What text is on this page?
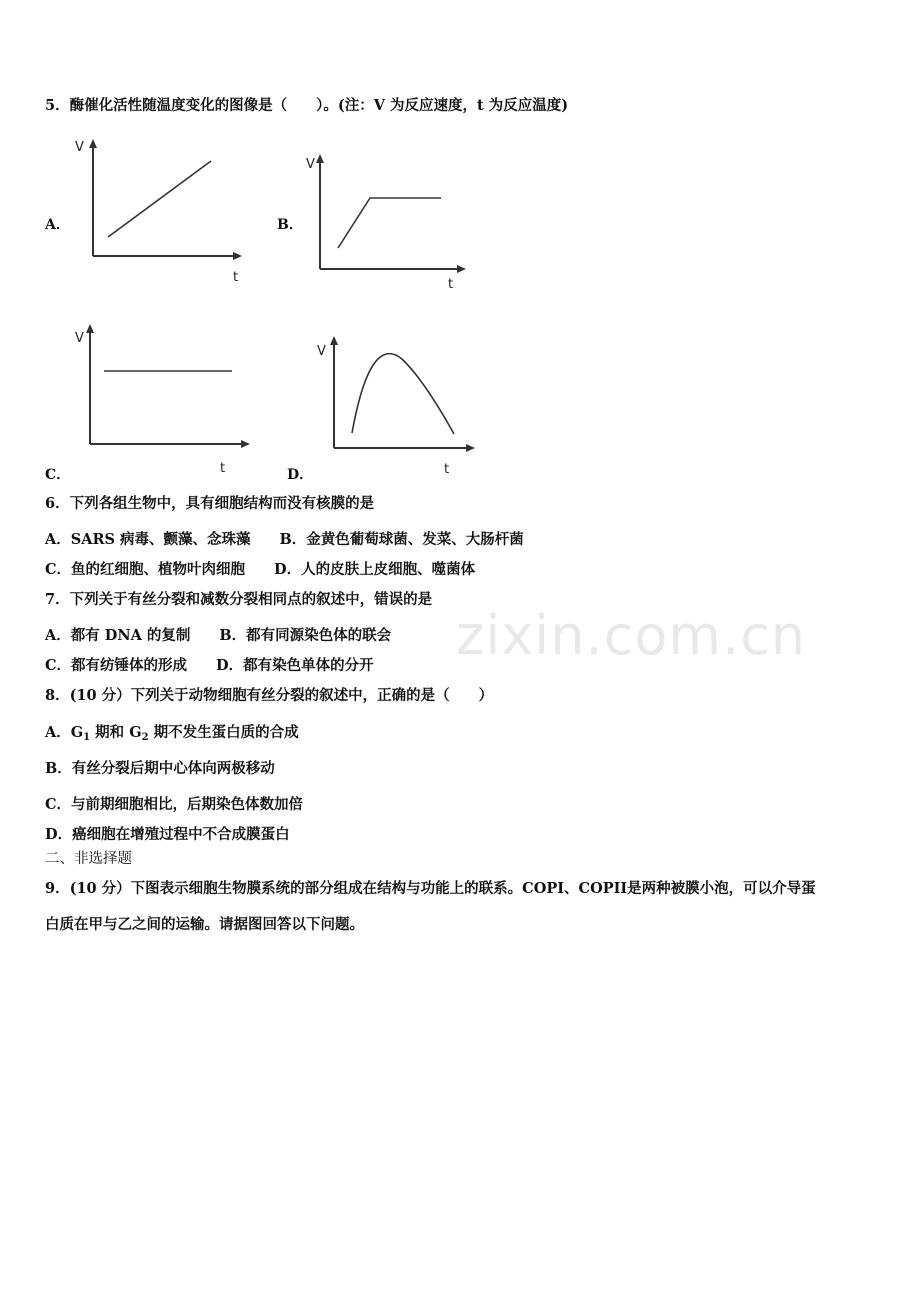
5．酶催化活性随温度变化的图像是（　　）。(注：V 为反应速度，t 为反应温度)
A．
V
t
B．
V
t
C．
V
t	D．
V
t
6．下列各组生物中，具有细胞结构而没有核膜的是
A．SARS 病毒、颤藻、念珠藻　　B．金黄色葡萄球菌、发菜、大肠杆菌
C．鱼的红细胞、植物叶肉细胞　　D．人的皮肤上皮细胞、噬菌体
7．下列关于有丝分裂和减数分裂相同点的叙述中，错误的是
A．都有 DNA 的复制　　B．都有同源染色体的联会
C．都有纺锤体的形成　　D．都有染色单体的分开
8．(10 分）下列关于动物细胞有丝分裂的叙述中，正确的是（　　）
A．$G_1$ 期和 $G_2$ 期不发生蛋白质的合成
B．有丝分裂后期中心体向两极移动
C．与前期细胞相比，后期染色体数加倍
D．癌细胞在增殖过程中不合成膜蛋白
二、非选择题
9．(10 分）下图表示细胞生物膜系统的部分组成在结构与功能上的联系。COPI、COPII是两种被膜小泡，可以介导蛋
白质在甲与乙之间的运输。请据图回答以下问题。
zixin.com.cn
